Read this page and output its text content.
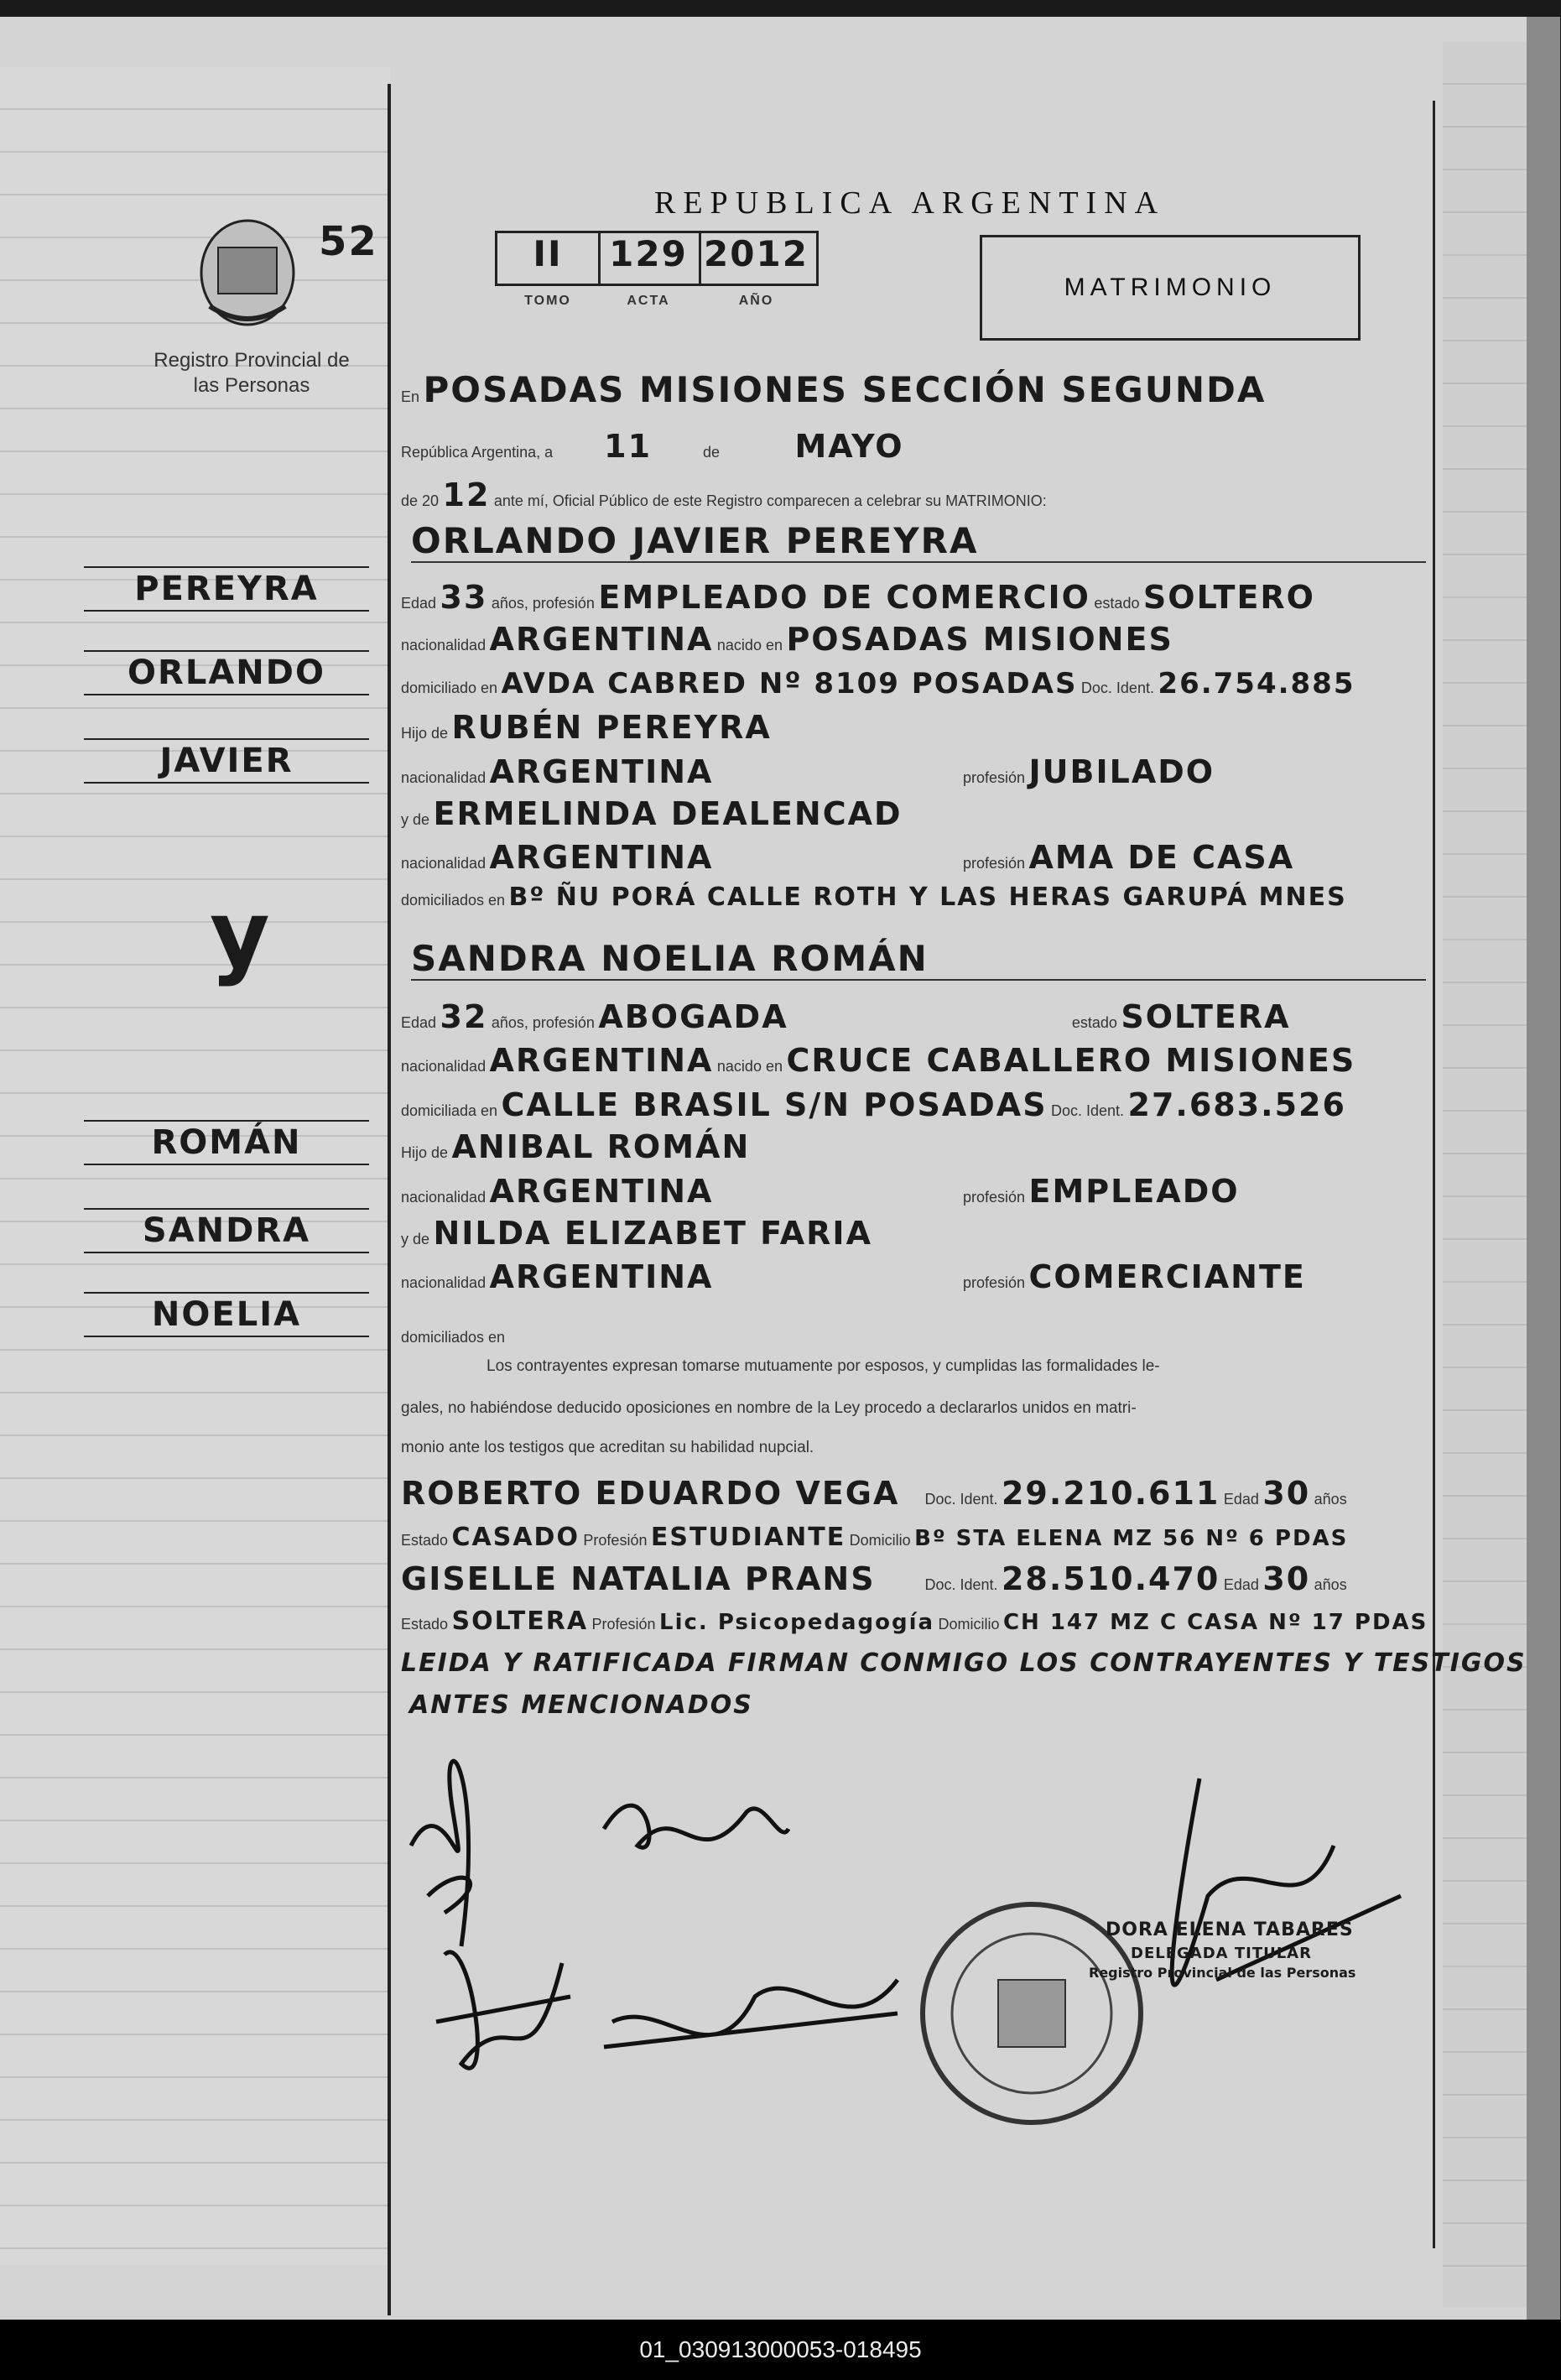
52
Registro Provincial de las Personas
REPUBLICA ARGENTINA
II
TOMO
129
ACTA
2012
AÑO	MATRIMONIO
PEREYRA
ORLANDO
JAVIER
y
ROMÁN
SANDRA
NOELIA
En POSADAS MISIONES SECCIÓN SEGUNDA
República Argentina, a 11	de MAYO
de 20 12 ante mí, Oficial Público de este Registro comparecen a celebrar su MATRIMONIO:
ORLANDO JAVIER PEREYRA
Edad 33 años, profesión EMPLEADO DE COMERCIO estado SOLTERO
nacionalidad ARGENTINA nacido en POSADAS MISIONES
domiciliado en AVDA CABRED Nº 8109 POSADAS Doc. Ident. 26.754.885
Hijo de RUBÉN PEREYRA
nacionalidad ARGENTINA	profesión JUBILADO
y de ERMELINDA DEALENCAD
nacionalidad ARGENTINA	profesión AMA DE CASA
domiciliados en Bº ÑU PORÁ CALLE ROTH Y LAS HERAS GARUPÁ MNES
SANDRA NOELIA ROMÁN
Edad 32 años, profesión ABOGADA	estado SOLTERA
nacionalidad ARGENTINA nacido en CRUCE CABALLERO MISIONES
domiciliada en CALLE BRASIL S/N POSADAS Doc. Ident. 27.683.526
Hijo de ANIBAL ROMÁN
nacionalidad ARGENTINA	profesión EMPLEADO
y de NILDA ELIZABET FARIA
nacionalidad ARGENTINA	profesión COMERCIANTE
domiciliados en
Los contrayentes expresan tomarse mutuamente por esposos, y cumplidas las formalidades le-
gales, no habiéndose deducido oposiciones en nombre de la Ley procedo a declararlos unidos en matri-
monio ante los testigos que acreditan su habilidad nupcial.
ROBERTO EDUARDO VEGA Doc. Ident. 29.210.611 Edad 30 años
Estado CASADO Profesión ESTUDIANTE Domicilio Bº STA ELENA MZ 56 Nº 6 PDAS
GISELLE NATALIA PRANS	Doc. Ident. 28.510.470 Edad 30 años
Estado SOLTERA Profesión Lic. Psicopedagogía Domicilio CH 147 MZ C CASA Nº 17 PDAS
LEIDA Y RATIFICADA FIRMAN CONMIGO LOS CONTRAYENTES Y TESTIGOS
ANTES MENCIONADOS
DORA ELENA TABARES
DELEGADA TITULAR
Registro Provincial de las Personas
01_030913000053-018495
